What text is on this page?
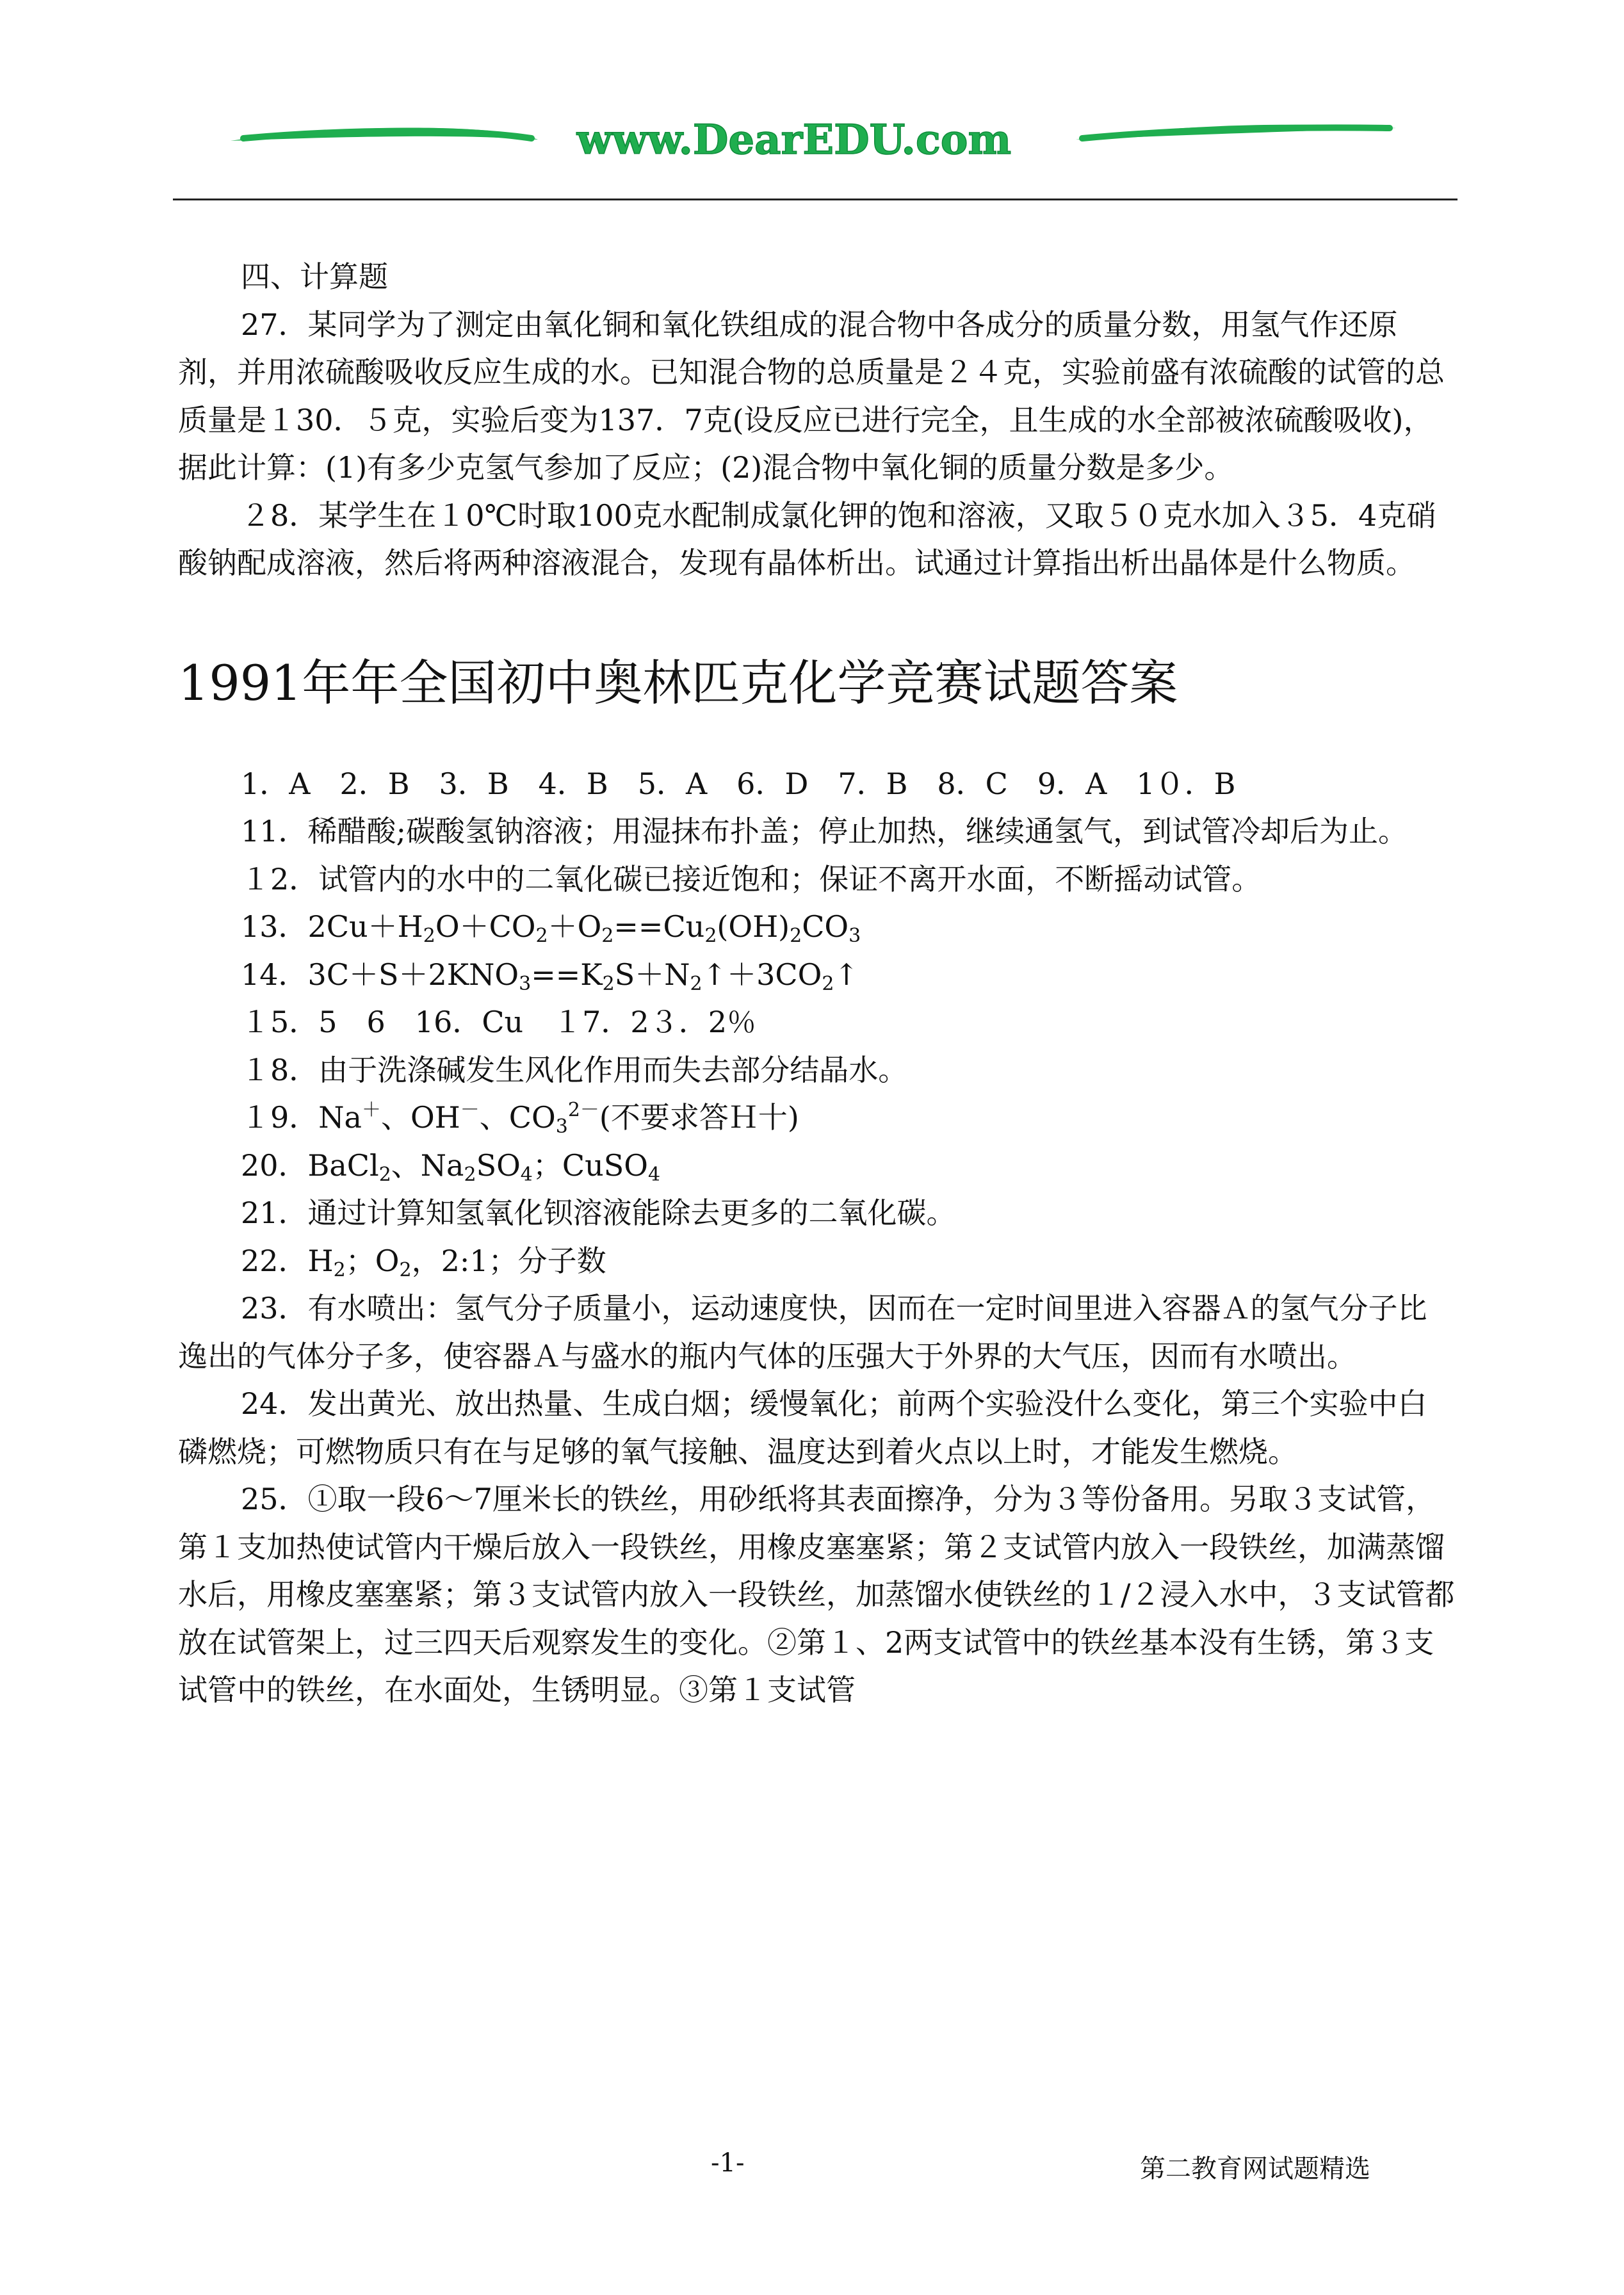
www.DearEDU.com

四、计算题

27．某同学为了测定由氧化铜和氧化铁组成的混合物中各成分的质量分数，用氢气作还原剂，并用浓硫酸吸收反应生成的水。已知混合物的总质量是２４克，实验前盛有浓硫酸的试管的总质量是１30．５克，实验后变为137．7克(设反应已进行完全，且生成的水全部被浓硫酸吸收)，据此计算：(1)有多少克氢气参加了反应；(2)混合物中氧化铜的质量分数是多少。

２8．某学生在１0℃时取100克水配制成氯化钾的饱和溶液，又取５０克水加入３5．4克硝酸钠配成溶液，然后将两种溶液混合，发现有晶体析出。试通过计算指出析出晶体是什么物质。

1991年年全国初中奥林匹克化学竞赛试题答案

1．A　2．B　3．B　4．B　5．A　6．D　7．B　8．C　9．A　1０．B

11．稀醋酸;碳酸氢钠溶液；用湿抹布扑盖；停止加热，继续通氢气，到试管冷却后为止。

１2．试管内的水中的二氧化碳已接近饱和；保证不离开水面，不断摇动试管。

13．$2Cu+H_2O+CO_2+O_2==Cu_2(OH)_2CO_3$

14．$3C+S+2KNO_3==K_2S+N_2↑+3CO_2↑$

１5．5　6　16．Cu　１7．2３．2％

１8．由于洗涤碱发生风化作用而失去部分结晶水。

１9．Na＋、OH－、$CO_3^{2-}$(不要求答Ｈ十)

20．BaCl$_2$、$Na_2SO_4$；CuSO$_4$

21．通过计算知氢氧化钡溶液能除去更多的二氧化碳。

22．$H_2$；$O_2$，2:1；分子数

23．有水喷出：氢气分子质量小，运动速度快，因而在一定时间里进入容器Ａ的氢气分子比逸出的气体分子多，使容器Ａ与盛水的瓶内气体的压强大于外界的大气压，因而有水喷出。

24．发出黄光、放出热量、生成白烟；缓慢氧化；前两个实验没什么变化，第三个实验中白磷燃烧；可燃物质只有在与足够的氧气接触、温度达到着火点以上时，才能发生燃烧。

25．①取一段6～7厘米长的铁丝，用砂纸将其表面擦净，分为３等份备用。另取３支试管，第１支加热使试管内干燥后放入一段铁丝，用橡皮塞塞紧；第２支试管内放入一段铁丝，加满蒸馏水后，用橡皮塞塞紧；第３支试管内放入一段铁丝，加蒸馏水使铁丝的１/２浸入水中，３支试管都放在试管架上，过三四天后观察发生的变化。②第１、2两支试管中的铁丝基本没有生锈，第３支试管中的铁丝，在水面处，生锈明显。③第１支试管

-1-	第二教育网试题精选
